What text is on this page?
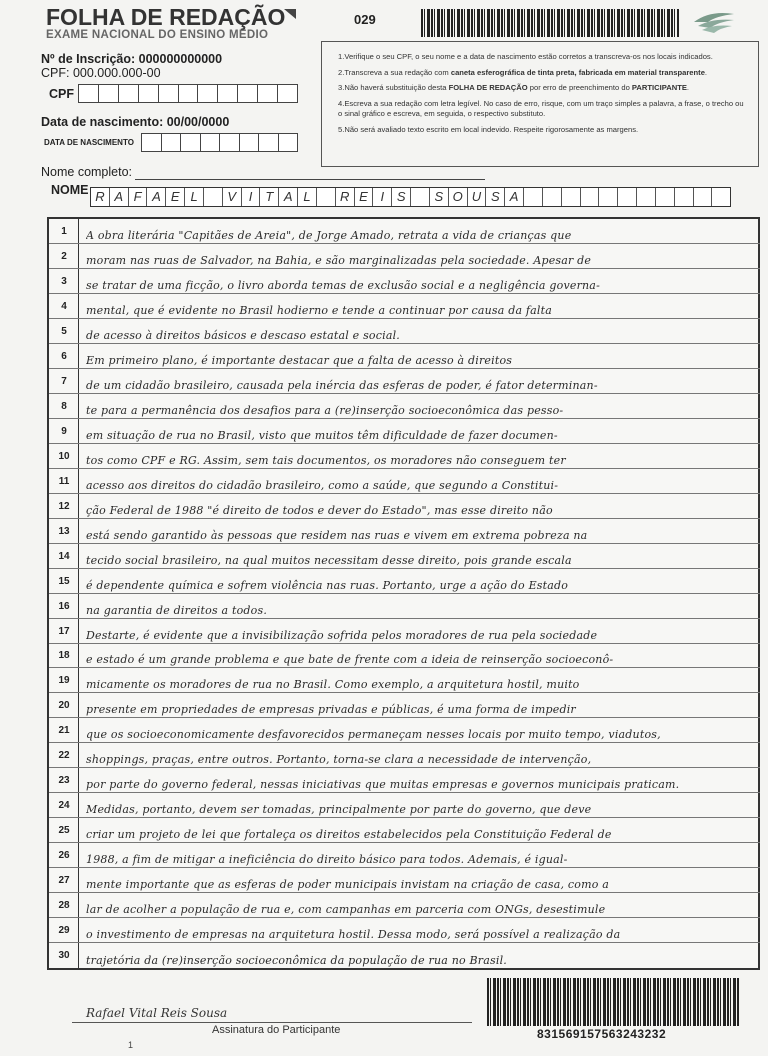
FOLHA DE REDAÇÃO
EXAME NACIONAL DO ENSINO MÉDIO
029
Nº de Inscrição: 000000000000
CPF: 000.000.000-00
CPF
Data de nascimento: 00/00/0000
DATA DE NASCIMENTO

1.Verifique o seu CPF, o seu nome e a data de nascimento estão corretos a transcreva-os nos locais indicados.

2.Transcreva a sua redação com caneta esferográfica de tinta preta, fabricada em material transparente.

3.Não haverá substituição desta FOLHA DE REDAÇÃO por erro de preenchimento do PARTICIPANTE.

4.Escreva a sua redação com letra legível. No caso de erro, risque, com um traço simples a palavra, a frase, o trecho ou o sinal gráfico e escreva, em seguida, o respectivo substituto.

5.Não será avaliado texto escrito em local indevido. Respeite rigorosamente as margens.

Nome completo:
NOME R A F A E L	V I	T A L	R E I S	S O U S A
1	A obra literária "Capitães de Areia", de Jorge Amado, retrata a vida de crianças que
2	moram nas ruas de Salvador, na Bahia, e são marginalizadas pela sociedade. Apesar de
3	se tratar de uma ficção, o livro aborda temas de exclusão social e a negligência governa-
4	mental, que é evidente no Brasil hodierno e tende a continuar por causa da falta
5	de acesso à direitos básicos e descaso estatal e social.
6	Em primeiro plano, é importante destacar que a falta de acesso à direitos
7	de um cidadão brasileiro, causada pela inércia das esferas de poder, é fator determinan-
8	te para a permanência dos desafios para a (re)inserção socioeconômica das pesso-
9	em situação de rua no Brasil, visto que muitos têm dificuldade de fazer documen-
10	tos como CPF e RG. Assim, sem tais documentos, os moradores não conseguem ter
11	acesso aos direitos do cidadão brasileiro, como a saúde, que segundo a Constitui-
12	ção Federal de 1988 "é direito de todos e dever do Estado", mas esse direito não
13	está sendo garantido às pessoas que residem nas ruas e vivem em extrema pobreza na
14	tecido social brasileiro, na qual muitos necessitam desse direito, pois grande escala
15	é dependente química e sofrem violência nas ruas. Portanto, urge a ação do Estado
16	na garantia de direitos a todos.
17	Destarte, é evidente que a invisibilização sofrida pelos moradores de rua pela sociedade
18	e estado é um grande problema e que bate de frente com a ideia de reinserção socioeconô-
19	micamente os moradores de rua no Brasil. Como exemplo, a arquitetura hostil, muito
20	presente em propriedades de empresas privadas e públicas, é uma forma de impedir
21	que os socioeconomicamente desfavorecidos permaneçam nesses locais por muito tempo, viadutos,
22	shoppings, praças, entre outros. Portanto, torna-se clara a necessidade de intervenção,
23	por parte do governo federal, nessas iniciativas que muitas empresas e governos municipais praticam.
24	Medidas, portanto, devem ser tomadas, principalmente por parte do governo, que deve
25	criar um projeto de lei que fortaleça os direitos estabelecidos pela Constituição Federal de
26	1988, a fim de mitigar a ineficiência do direito básico para todos. Ademais, é igual-
27	mente importante que as esferas de poder municipais invistam na criação de casa, como a
28	lar de acolher a população de rua e, com campanhas em parceria com ONGs, desestimule
29	o investimento de empresas na arquitetura hostil. Dessa modo, será possível a realização da
30	trajetória da (re)inserção socioeconômica da população de rua no Brasil.
Rafael Vital Reis Sousa
Assinatura do Participante	831569157563243232
1
